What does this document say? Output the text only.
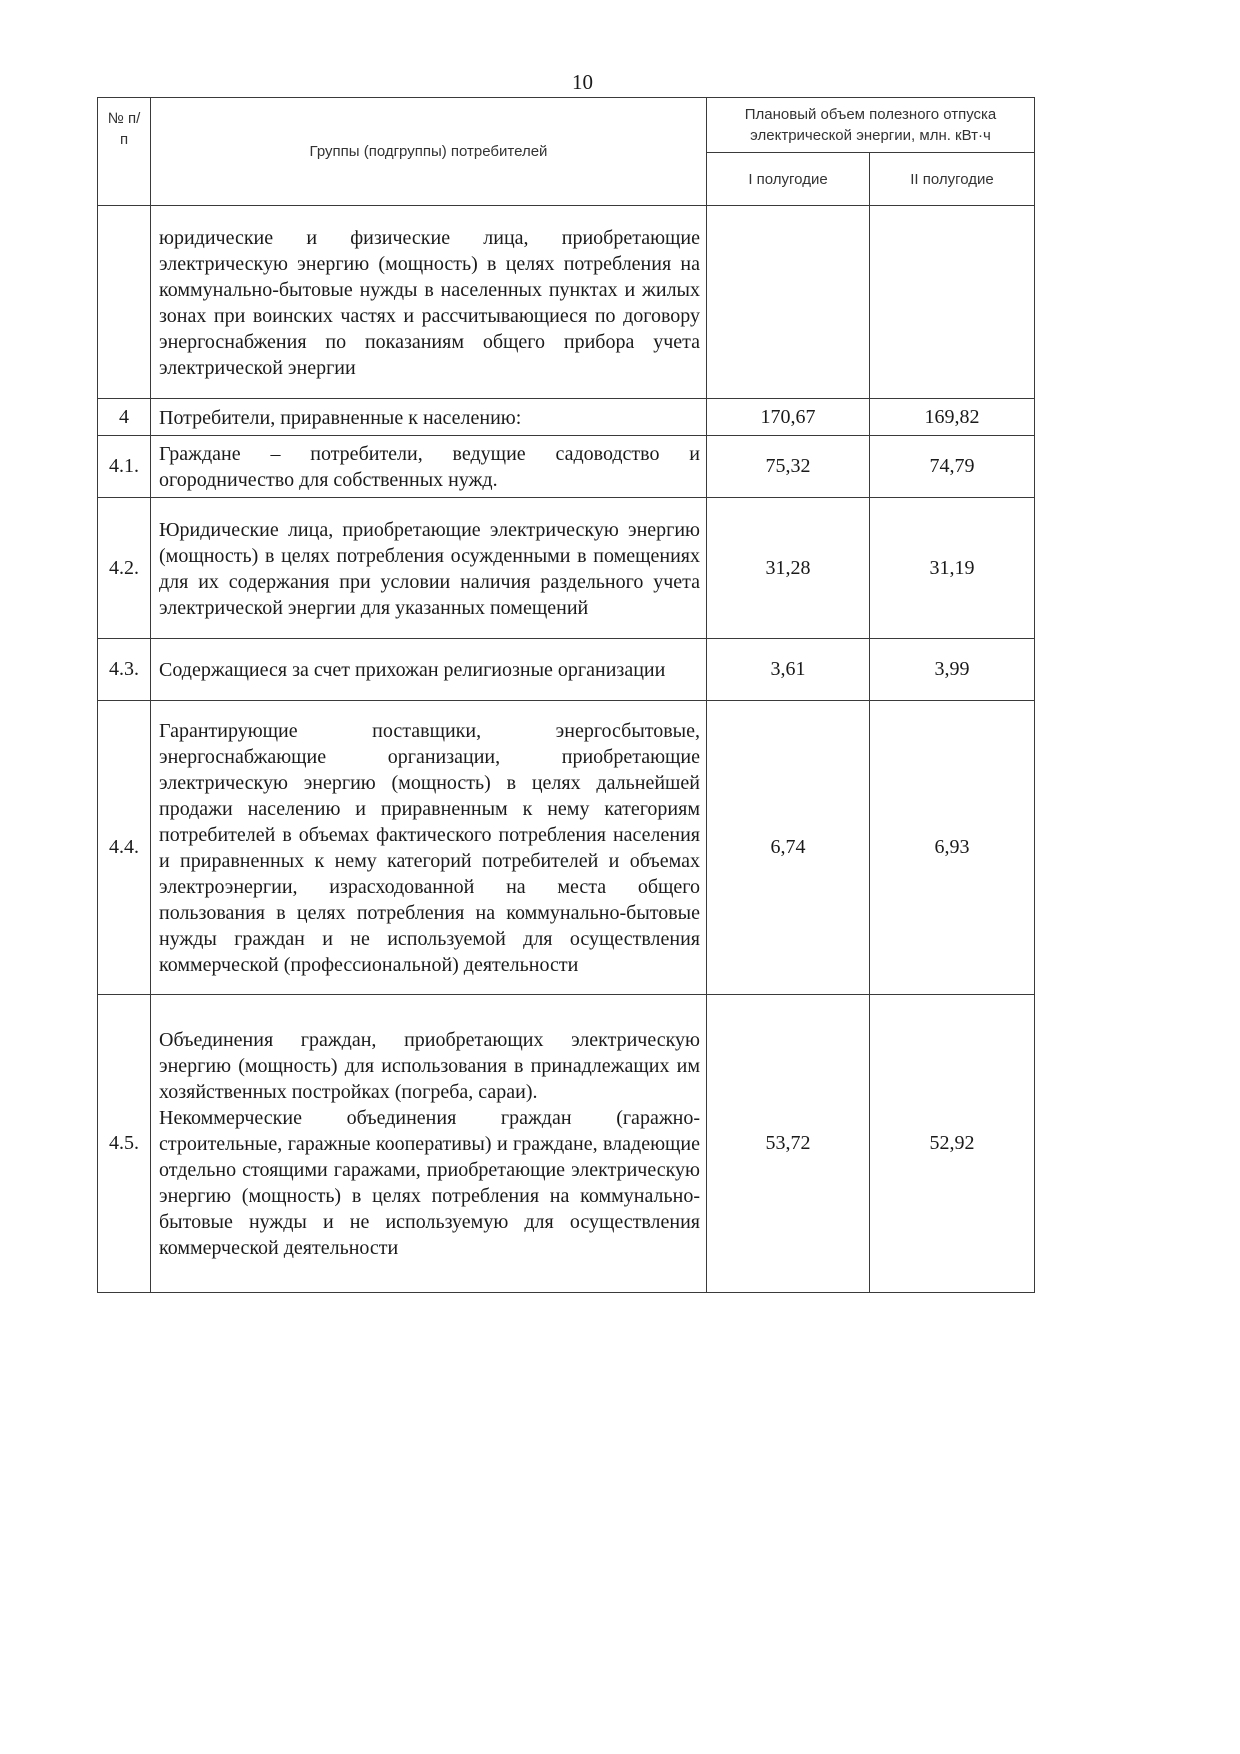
10
№ п/п	Группы (подгруппы) потребителей	Плановый объем полезного отпуска электрической энергии, млн. кВт·ч	
		I полугодие	II полугодие
	юридические и физические лица, приобретающие электрическую энергию (мощность) в целях потребления на коммунально-бытовые нужды в населенных пунктах и жилых зонах при воинских частях и рассчитывающиеся по договору энергоснабжения по показаниям общего прибора учета электрической энергии		
4	Потребители, приравненные к населению:	170,67	169,82
4.1.	Граждане – потребители, ведущие садоводство и огородничество для собственных нужд.	75,32	74,79
4.2.	Юридические лица, приобретающие электрическую энергию (мощность) в целях потребления осужденными в помещениях для их содержания при условии наличия раздельного учета электрической энергии для указанных помещений	31,28	31,19
4.3.	Содержащиеся за счет прихожан религиозные организации	3,61	3,99
4.4.	Гарантирующие поставщики, энергосбытовые, энергоснабжающие организации, приобретающие электрическую энергию (мощность) в целях дальнейшей продажи населению и приравненным к нему категориям потребителей в объемах фактического потребления населения и приравненных к нему категорий потребителей и объемах электроэнергии, израсходованной на места общего пользования в целях потребления на коммунально-бытовые нужды граждан и не используемой для осуществления коммерческой (профессиональной) деятельности	6,74	6,93
4.5.	Объединения граждан, приобретающих электрическую энергию (мощность) для использования в принадлежащих им хозяйственных постройках (погреба, сараи).

Некоммерческие объединения граждан (гаражно-строительные, гаражные кооперативы) и граждане, владеющие отдельно стоящими гаражами, приобретающие электрическую энергию (мощность) в целях потребления на коммунально-бытовые нужды и не используемую для осуществления коммерческой деятельности	53,72	52,92
